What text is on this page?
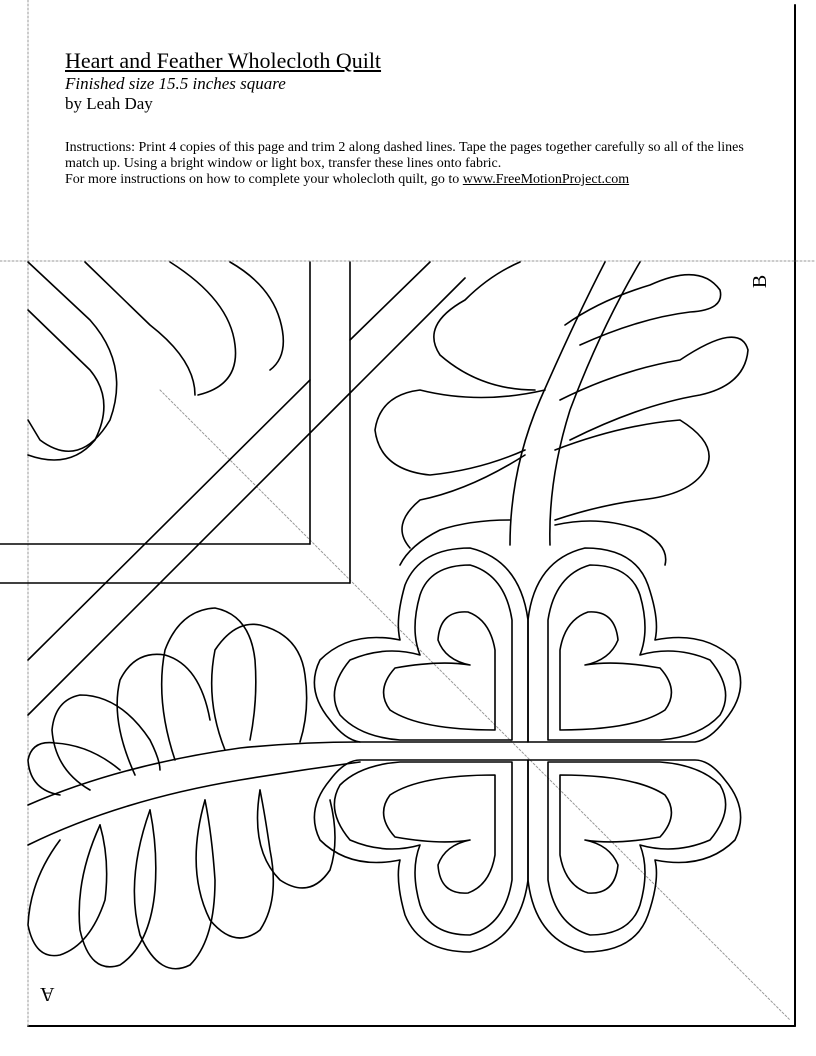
Heart and Feather Wholecloth Quilt

Finished size 15.5 inches square

by Leah Day

Instructions: Print 4 copies of this page and trim 2 along dashed lines. Tape the pages together carefully so all of the lines match up. Using a bright window or light box, transfer these lines onto fabric.

For more instructions on how to complete your wholecloth quilt, go to www.FreeMotionProject.com

B
A
